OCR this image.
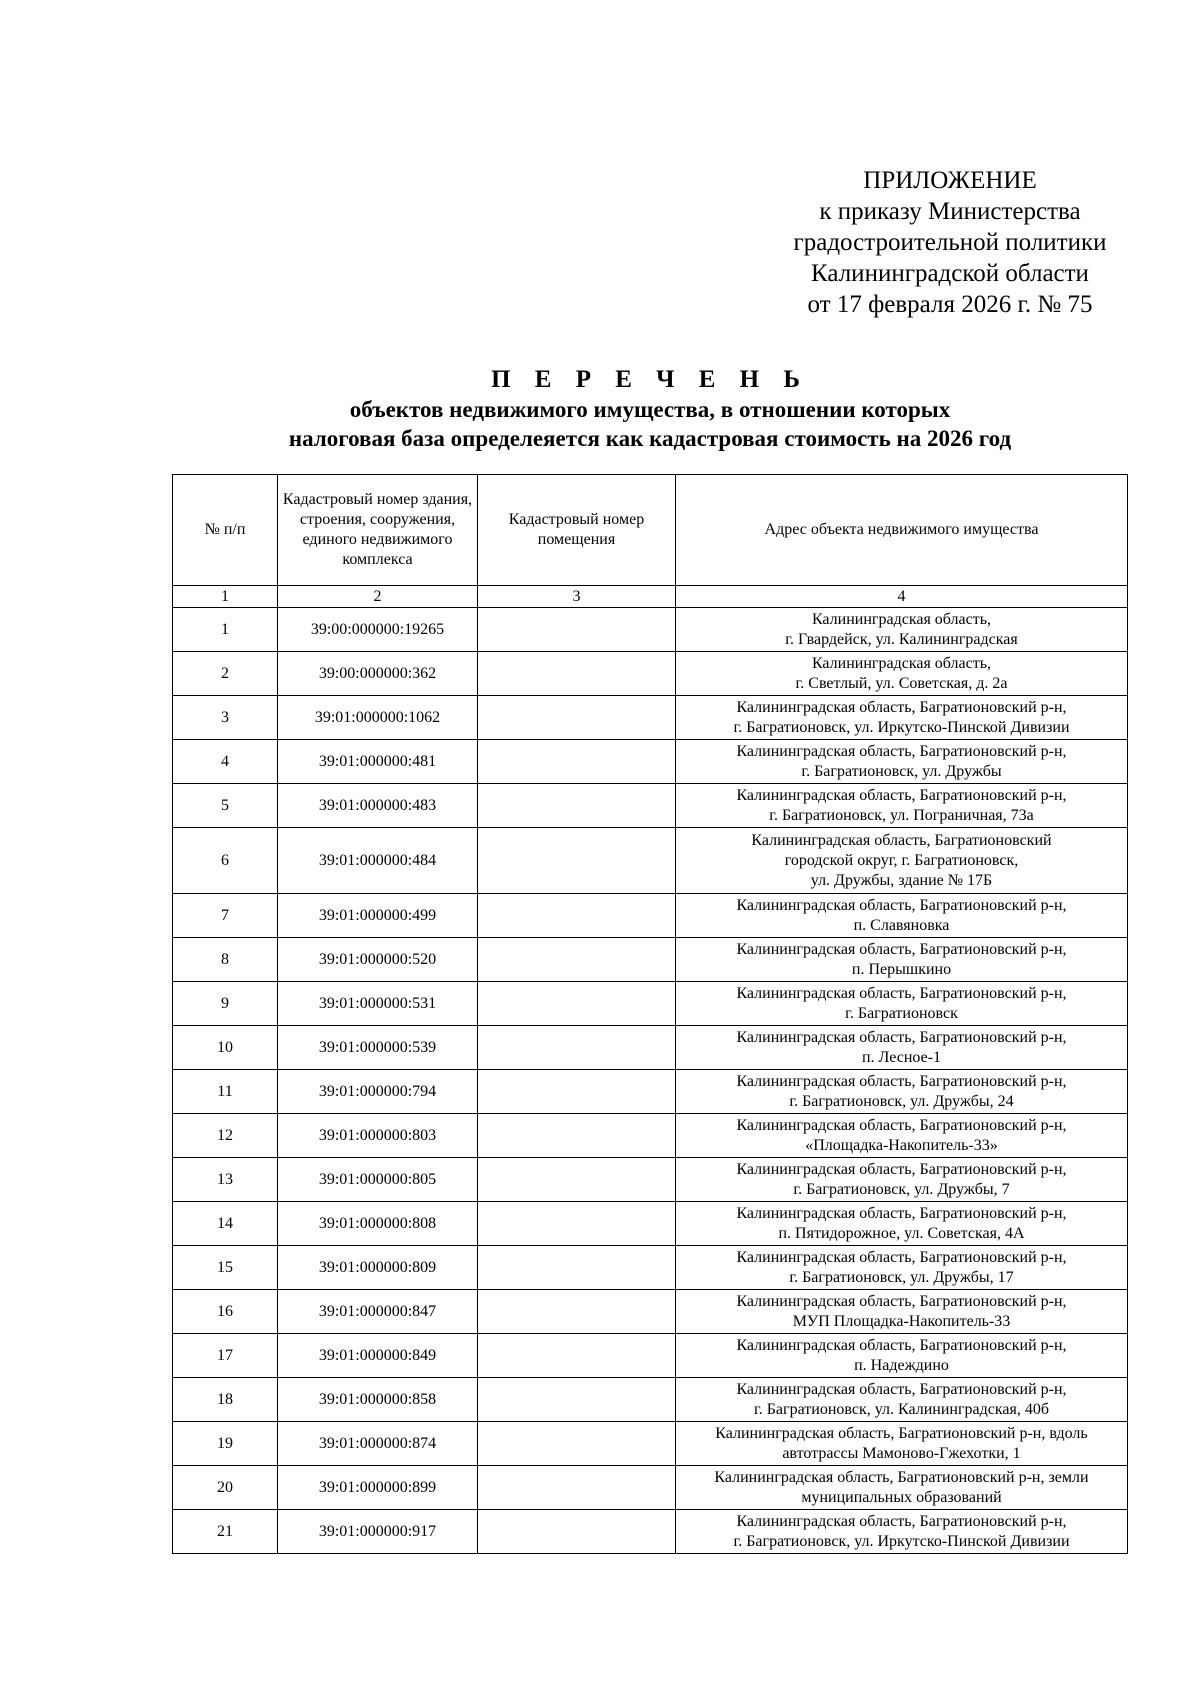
ПРИЛОЖЕНИЕ
к приказу Министерства
градостроительной политики
Калининградской области
от 17 февраля 2026 г. № 75
П Е Р Е Ч Е Н Ь
объектов недвижимого имущества, в отношении которых
налоговая база определеяется как кадастровая стоимость на 2026 год
№ п/п	Кадастровый номер здания, строения, сооружения, единого недвижимого комплекса	Кадастровый номер помещения	Адрес объекта недвижимого имущества
1	2	3	4
1	39:00:000000:19265		Калининградская область,
г. Гвардейск, ул. Калининградская

2	39:00:000000:362		Калининградская область,
г. Светлый, ул. Советская, д. 2а

3	39:01:000000:1062		Калининградская область, Багратионовский р-н,
г. Багратионовск, ул. Иркутско-Пинской Дивизии

4	39:01:000000:481		Калининградская область, Багратионовский р-н,
г. Багратионовск, ул. Дружбы

5	39:01:000000:483		Калининградская область, Багратионовский р-н,
г. Багратионовск, ул. Пограничная, 73а

6	39:01:000000:484		Калининградская область, Багратионовский
городской округ, г. Багратионовск,
ул. Дружбы, здание № 17Б

7	39:01:000000:499		Калининградская область, Багратионовский р-н,
п. Славяновка

8	39:01:000000:520		Калининградская область, Багратионовский р-н,
п. Перышкино

9	39:01:000000:531		Калининградская область, Багратионовский р-н,
г. Багратионовск

10	39:01:000000:539		Калининградская область, Багратионовский р-н,
п. Лесное-1

11	39:01:000000:794		Калининградская область, Багратионовский р-н,
г. Багратионовск, ул. Дружбы, 24

12	39:01:000000:803		Калининградская область, Багратионовский р-н,
«Площадка-Накопитель-33»

13	39:01:000000:805		Калининградская область, Багратионовский р-н,
г. Багратионовск, ул. Дружбы, 7

14	39:01:000000:808		Калининградская область, Багратионовский р-н,
п. Пятидорожное, ул. Советская, 4А

15	39:01:000000:809		Калининградская область, Багратионовский р-н,
г. Багратионовск, ул. Дружбы, 17

16	39:01:000000:847		Калининградская область, Багратионовский р-н,
МУП Площадка-Накопитель-33

17	39:01:000000:849		Калининградская область, Багратионовский р-н,
п. Надеждино

18	39:01:000000:858		Калининградская область, Багратионовский р-н,
г. Багратионовск, ул. Калининградская, 40б

19	39:01:000000:874		Калининградская область, Багратионовский р-н, вдоль
автотрассы Мамоново-Гжехотки, 1

20	39:01:000000:899		Калининградская область, Багратионовский р-н, земли
муниципальных образований

21	39:01:000000:917		Калининградская область, Багратионовский р-н,
г. Багратионовск, ул. Иркутско-Пинской Дивизии
